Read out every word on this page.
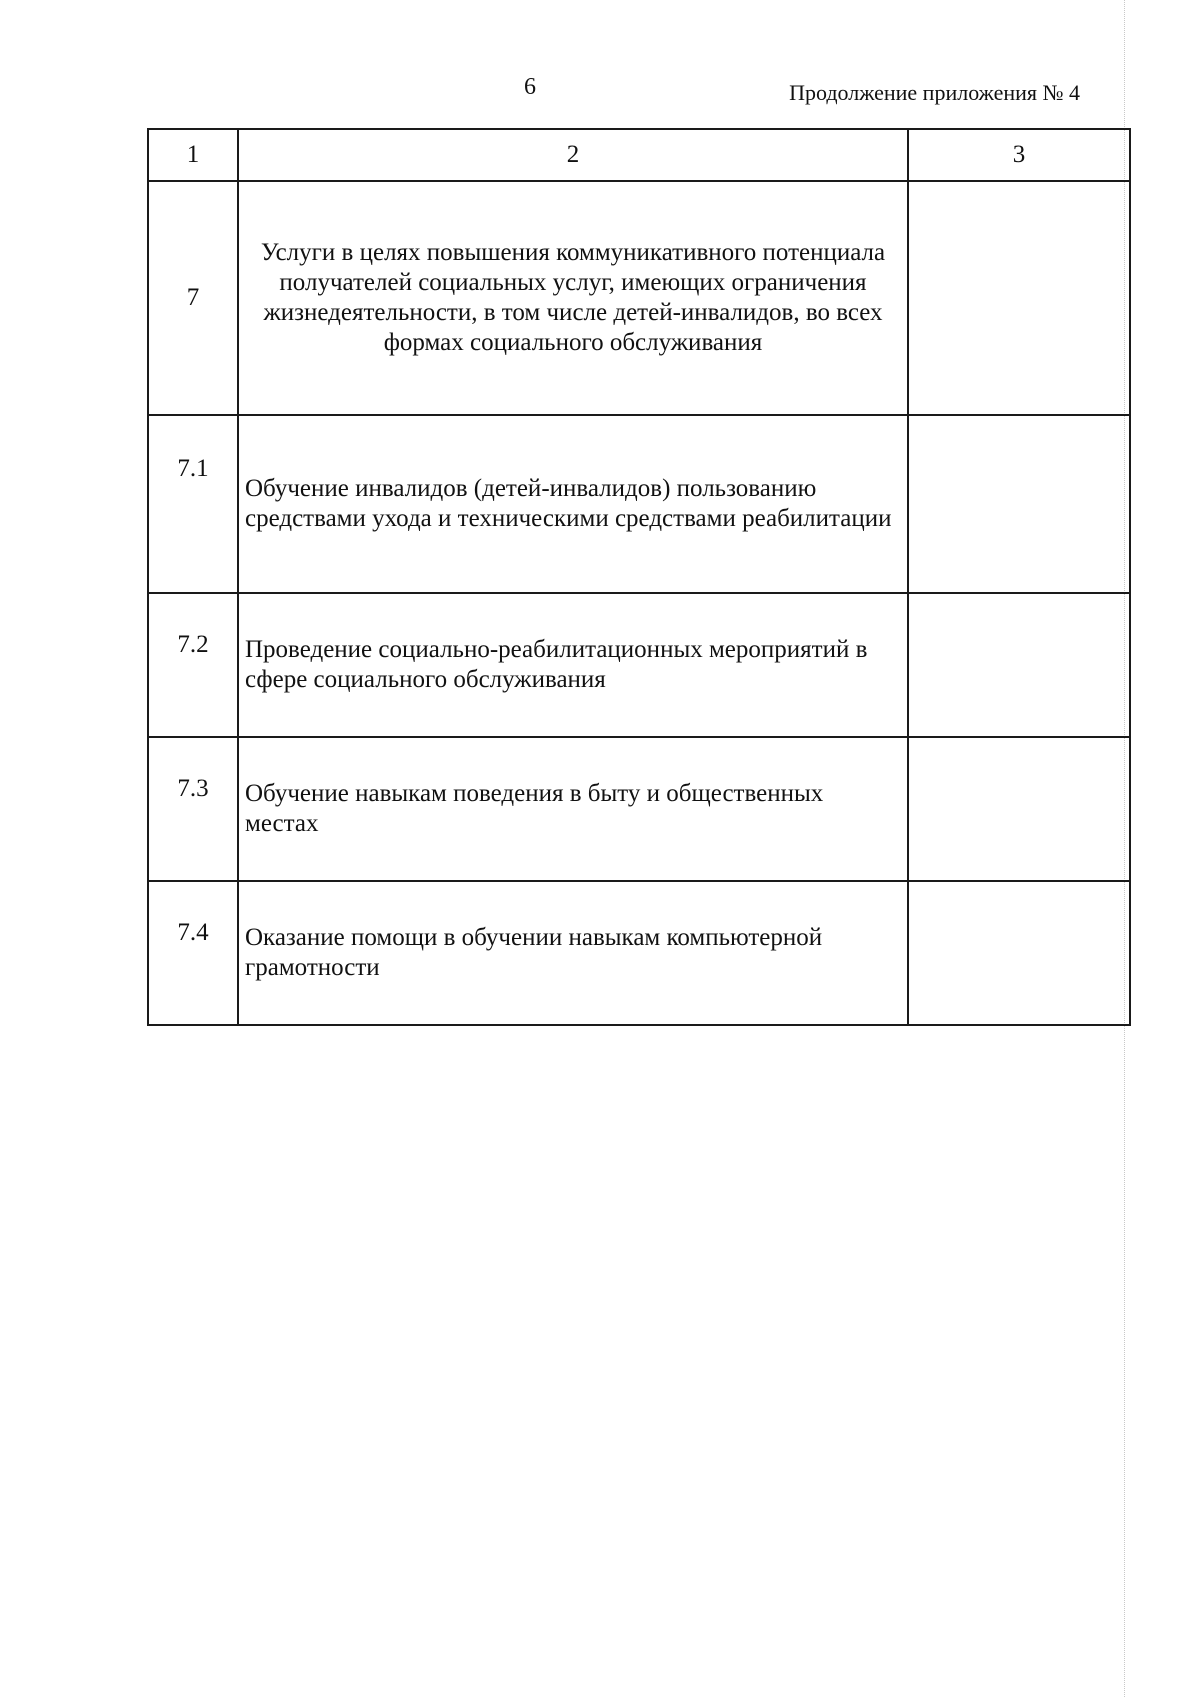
6	Продолжение приложения № 4
1	2	3
7	Услуги в целях повышения коммуникативного потенциала получателей социальных услуг, имеющих ограничения жизнедеятельности, в том числе детей-инвалидов, во всех формах социального обслуживания	
7.1	Обучение инвалидов (детей-инвалидов) пользованию средствами ухода и техническими средствами реабилитации	
7.2	Проведение социально-реабилитационных мероприятий в сфере социального обслуживания	
7.3	Обучение навыкам поведения в быту и общественных местах	
7.4	Оказание помощи в обучении навыкам компьютерной грамотности	
